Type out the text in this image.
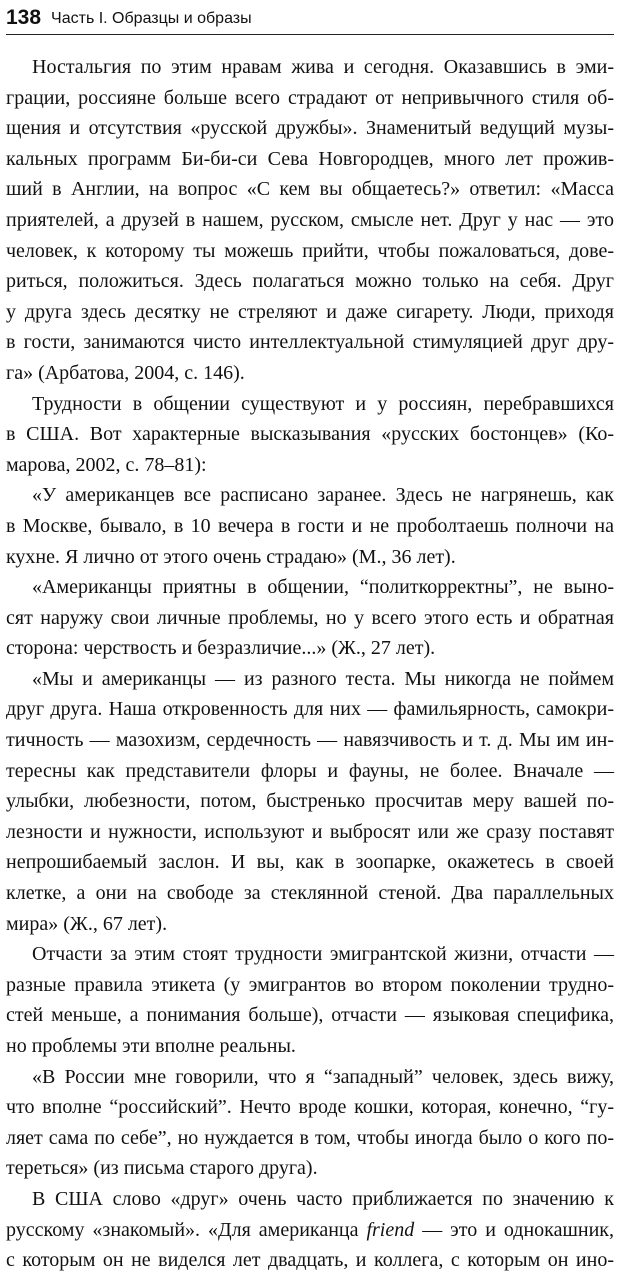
138 Часть I. Образцы и образы
Ностальгия по этим нравам жива и сегодня. Оказавшись в эми-
грации, россияне больше всего страдают от непривычного стиля об-
щения и отсутствия «русской дружбы». Знаменитый ведущий музы-
кальных программ Би-би-си Сева Новгородцев, много лет прожив-
ший в Англии, на вопрос «С кем вы общаетесь?» ответил: «Масса
приятелей, а друзей в нашем, русском, смысле нет. Друг у нас — это
человек, к которому ты можешь прийти, чтобы пожаловаться, дове-
риться, положиться. Здесь полагаться можно только на себя. Друг
у друга здесь десятку не стреляют и даже сигарету. Люди, приходя
в гости, занимаются чисто интеллектуальной стимуляцией друг дру-
га» (Арбатова, 2004, с. 146).
Трудности в общении существуют и у россиян, перебравшихся
в США. Вот характерные высказывания «русских бостонцев» (Ко-
марова, 2002, с. 78–81):
«У американцев все расписано заранее. Здесь не нагрянешь, как
в Москве, бывало, в 10 вечера в гости и не проболтаешь полночи на
кухне. Я лично от этого очень страдаю» (М., 36 лет).
«Американцы приятны в общении, “политкорректны”, не выно-
сят наружу свои личные проблемы, но у всего этого есть и обратная
сторона: черствость и безразличие...» (Ж., 27 лет).
«Мы и американцы — из разного теста. Мы никогда не поймем
друг друга. Наша откровенность для них — фамильярность, самокри-
тичность — мазохизм, сердечность — навязчивость и т. д. Мы им ин-
тересны как представители флоры и фауны, не более. Вначале —
улыбки, любезности, потом, быстренько просчитав меру вашей по-
лезности и нужности, используют и выбросят или же сразу поставят
непрошибаемый заслон. И вы, как в зоопарке, окажетесь в своей
клетке, а они на свободе за стеклянной стеной. Два параллельных
мира» (Ж., 67 лет).
Отчасти за этим стоят трудности эмигрантской жизни, отчасти —
разные правила этикета (у эмигрантов во втором поколении трудно-
стей меньше, а понимания больше), отчасти — языковая специфика,
но проблемы эти вполне реальны.
«В России мне говорили, что я “западный” человек, здесь вижу,
что вполне “российский”. Нечто вроде кошки, которая, конечно, “гу-
ляет сама по себе”, но нуждается в том, чтобы иногда было о кого по-
тереться» (из письма старого друга).
В США слово «друг» очень часто приближается по значению к
русскому «знакомый». «Для американца friend — это и однокашник,
с которым он не виделся лет двадцать, и коллега, с которым он ино-
